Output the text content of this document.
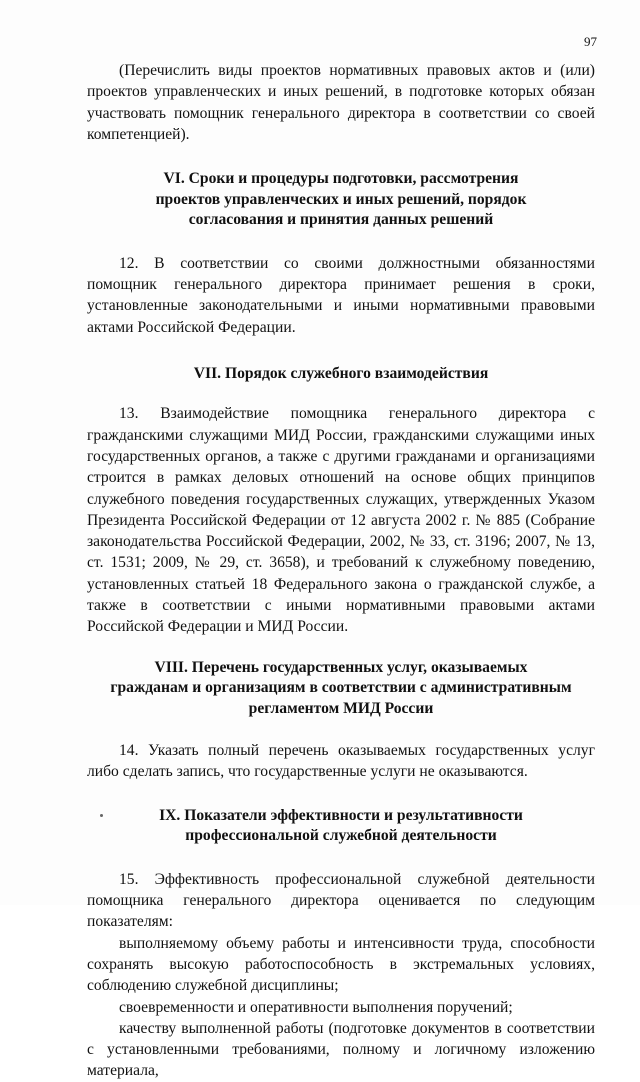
97

(Перечислить виды проектов нормативных правовых актов и (или) проектов управленческих и иных решений, в подготовке которых обязан участвовать помощник генерального директора в соответствии со своей компетенцией).

VI. Сроки и процедуры подготовки, рассмотрения
проектов управленческих и иных решений, порядок
согласования и принятия данных решений

12. В соответствии со своими должностными обязанностями помощник генерального директора принимает решения в сроки, установленные законодательными и иными нормативными правовыми актами Российской Федерации.

VII. Порядок служебного взаимодействия

13. Взаимодействие помощника генерального директора с гражданскими служащими МИД России, гражданскими служащими иных государственных органов, а также с другими гражданами и организациями строится в рамках деловых отношений на основе общих принципов служебного поведения государственных служащих, утвержденных Указом Президента Российской Федерации от 12 августа 2002 г. № 885 (Собрание законодательства Российской Федерации, 2002, № 33, ст. 3196; 2007, № 13, ст. 1531; 2009, № 29, ст. 3658), и требований к служебному поведению, установленных статьей 18 Федерального закона о гражданской службе, а также в соответствии с иными нормативными правовыми актами Российской Федерации и МИД России.

VIII. Перечень государственных услуг, оказываемых
гражданам и организациям в соответствии с административным
регламентом МИД России

14. Указать полный перечень оказываемых государственных услуг либо сделать запись, что государственные услуги не оказываются.

IX. Показатели эффективности и результативности
профессиональной служебной деятельности

15. Эффективность профессиональной служебной деятельности помощника генерального директора оценивается по следующим показателям:

выполняемому объему работы и интенсивности труда, способности сохранять высокую работоспособность в экстремальных условиях, соблюдению служебной дисциплины;

своевременности и оперативности выполнения поручений;

качеству выполненной работы (подготовке документов в соответствии с установленными требованиями, полному и логичному изложению материала,
